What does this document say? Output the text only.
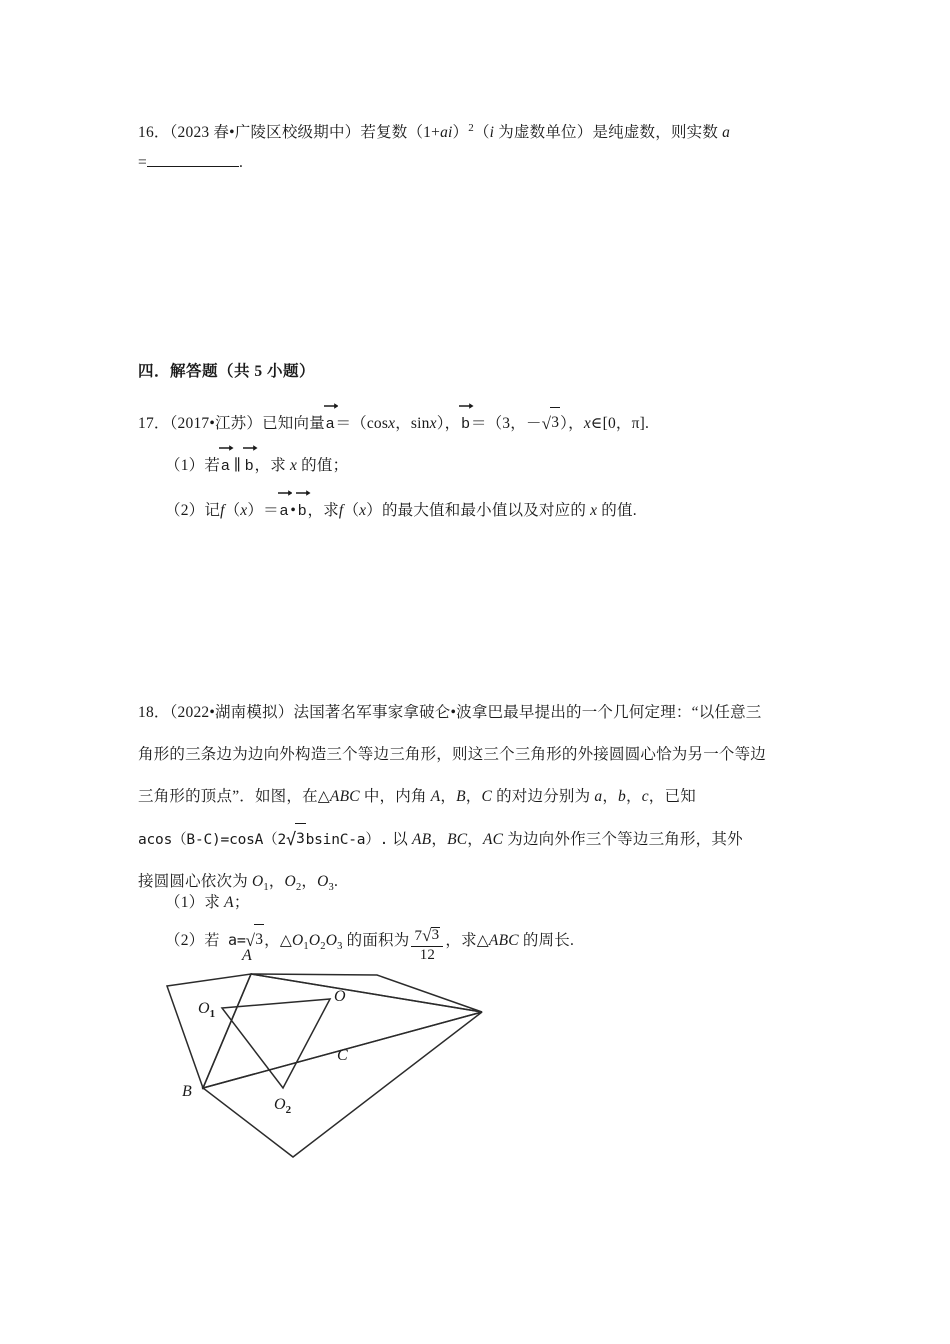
16．（2023 春•广陵区校级期中）若复数$(1+ai)^2(i$ 为虚数单位）是纯虚数，则实数 a
=	.
四．解答题（共 5 小题）
17．（2017•江苏）已知向量
a＝（cosx，sinx），
b＝（3，－√3），x∈[0，π].
（1）若
a ∥ b，求 x 的值；
（2）记f（x）＝
a • b，求f（x）的最大值和最小值以及对应的 x 的值.
18．（2022•湖南模拟）法国著名军事家拿破仑•波拿巴最早提出的一个几何定理：“以任意三
角形的三条边为边向外构造三个等边三角形，则这三个三角形的外接圆圆心恰为另一个等边
三角形的顶点”．如图，在△ABC 中，内角 A，B，C 的对边分别为 a，b，c，已知
acos（B-C)=cosA（2√3bsinC-a）. 以 AB，BC，AC 为边向外作三个等边三角形，其外
接圆圆心依次为 $O_1$，$O_2$，$O_3$.
（1）求 A；
（2）若 a=√3，$\triangle O_1O_2O_3$ 的面积为 $\frac{7√3}{12}$ ，求△ABC 的周长.
A
B
C
O
$O_1$
$O_2$
